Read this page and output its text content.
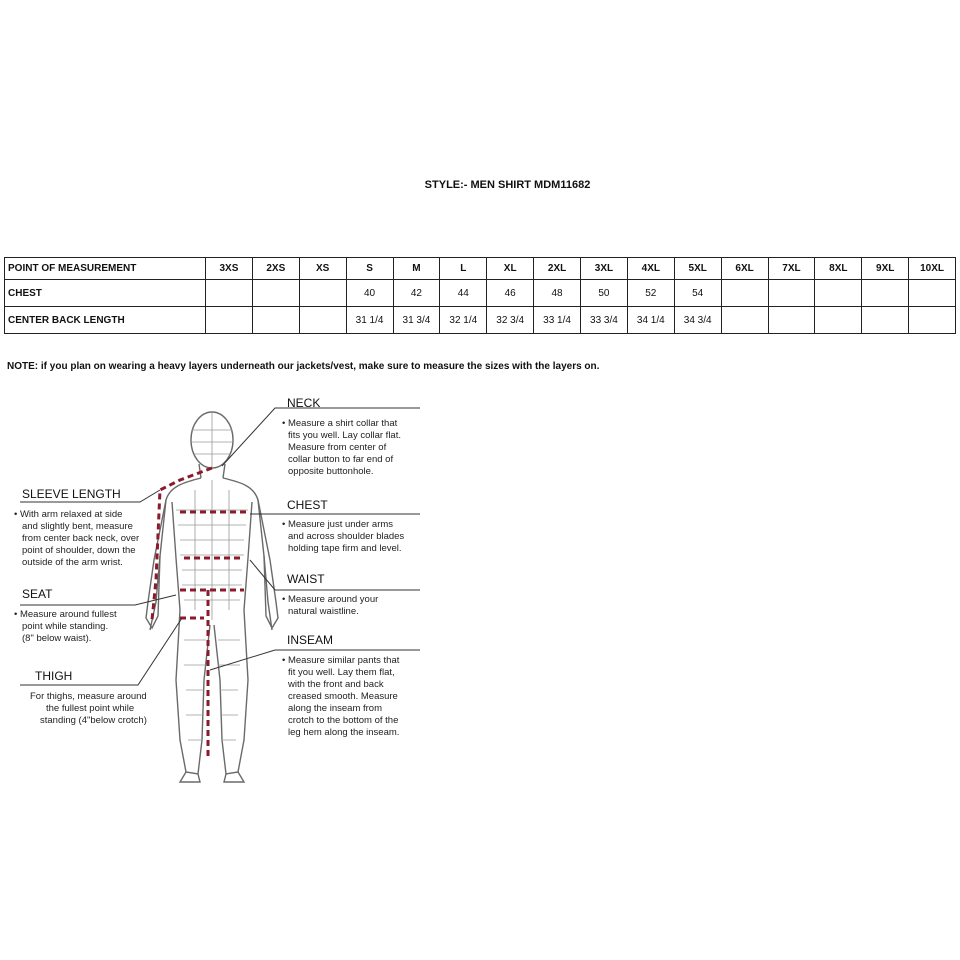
STYLE:- MEN SHIRT MDM11682
POINT OF MEASUREMENT	3XS	2XS	XS	S	M	L	XL	2XL	3XL	4XL	5XL	6XL	7XL	8XL	9XL	10XL
CHEST				40	42	44	46	48	50	52	54					
CENTER BACK LENGTH				31 1/4	31 3/4	32 1/4	32 3/4	33 1/4	33 3/4	34 1/4	34 3/4					
NOTE: if you plan on wearing a heavy layers underneath our jackets/vest, make sure to measure the sizes with the layers on.
NECK
• Measure a shirt collar that
fits you well. Lay collar flat.
Measure from center of
collar button to far end of
opposite buttonhole.
CHEST
• Measure just under arms
and across shoulder blades
holding tape firm and level.
WAIST
• Measure around your
natural waistline.
INSEAM
• Measure similar pants that
fit you well. Lay them flat,
with the front and back
creased smooth. Measure
along the inseam from
crotch to the bottom of the
leg hem along the inseam.
SLEEVE LENGTH
• With arm relaxed at side
and slightly bent, measure
from center back neck, over
point of shoulder, down the
outside of the arm wrist.
SEAT
• Measure around fullest
point while standing.
(8" below waist).
THIGH
For thighs, measure around
the fullest point while
standing (4"below crotch)
